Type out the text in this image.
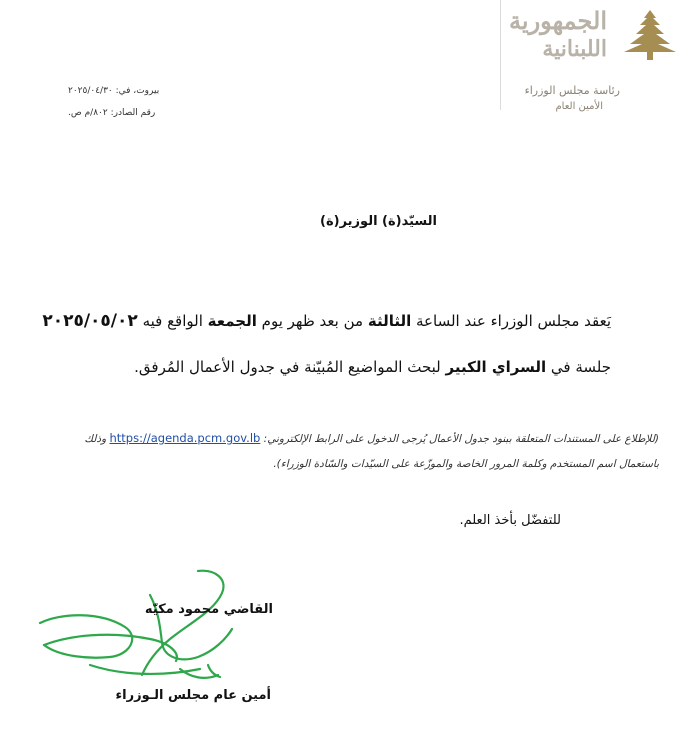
الجمهورية
اللبنانية
رئاسة مجلس الوزراء
الأمين العام
بيروت، في: ٢٠٢٥/٠٤/٣٠
رقم الصادر: ٨٠٢/م ص.
السيّد(ة) الوزير(ة)
يَعقد مجلس الوزراء عند الساعة الثالثة من بعد ظهر يوم الجمعة الواقع فيه ٢٠٢٥/٠٥/٠٢
جلسة في السراي الكبير لبحث المواضيع المُبيّنة في جدول الأعمال المُرفق.
(للإطلاع على المستندات المتعلقة ببنود جدول الأعمال يُرجى الدخول على الرابط الإلكتروني: https://agenda.pcm.gov.lb وذلك
باستعمال اسم المستخدم وكلمة المرور الخاصة والموزّعة على السيّدات والسّادة الوزراء).
للتفضّل بأخذ العلم.
القاضي محمود مكيّه
أمين عام مجلس الـوزراء
